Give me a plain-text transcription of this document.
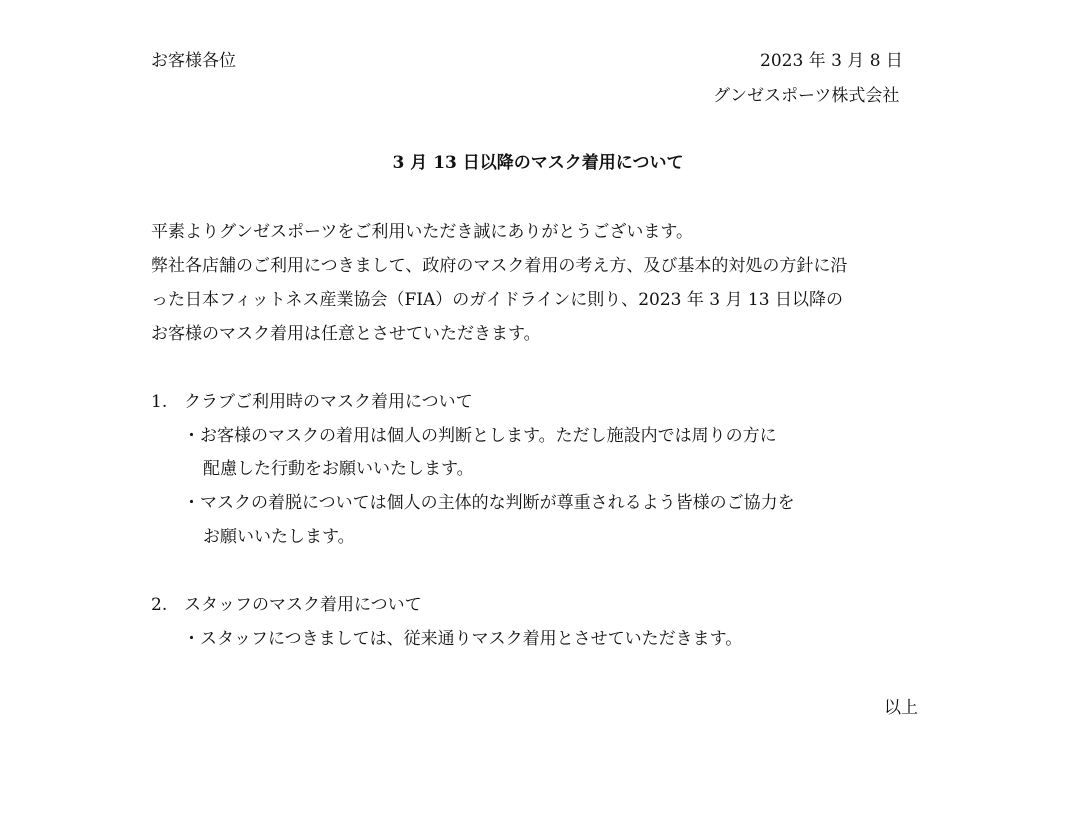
お客様各位	2023 年 3 月 8 日
グンゼスポーツ株式会社
3 月 13 日以降のマスク着用について
平素よりグンゼスポーツをご利用いただき誠にありがとうございます。
弊社各店舗のご利用につきまして、政府のマスク着用の考え方、及び基本的対処の方針に沿
った日本フィットネス産業協会（FIA）のガイドラインに則り、2023 年 3 月 13 日以降の
お客様のマスク着用は任意とさせていただきます。
1. クラブご利用時のマスク着用について
・お客様のマスクの着用は個人の判断とします。ただし施設内では周りの方に
配慮した行動をお願いいたします。
・マスクの着脱については個人の主体的な判断が尊重されるよう皆様のご協力を
お願いいたします。
2. スタッフのマスク着用について
・スタッフにつきましては、従来通りマスク着用とさせていただきます。
以上
